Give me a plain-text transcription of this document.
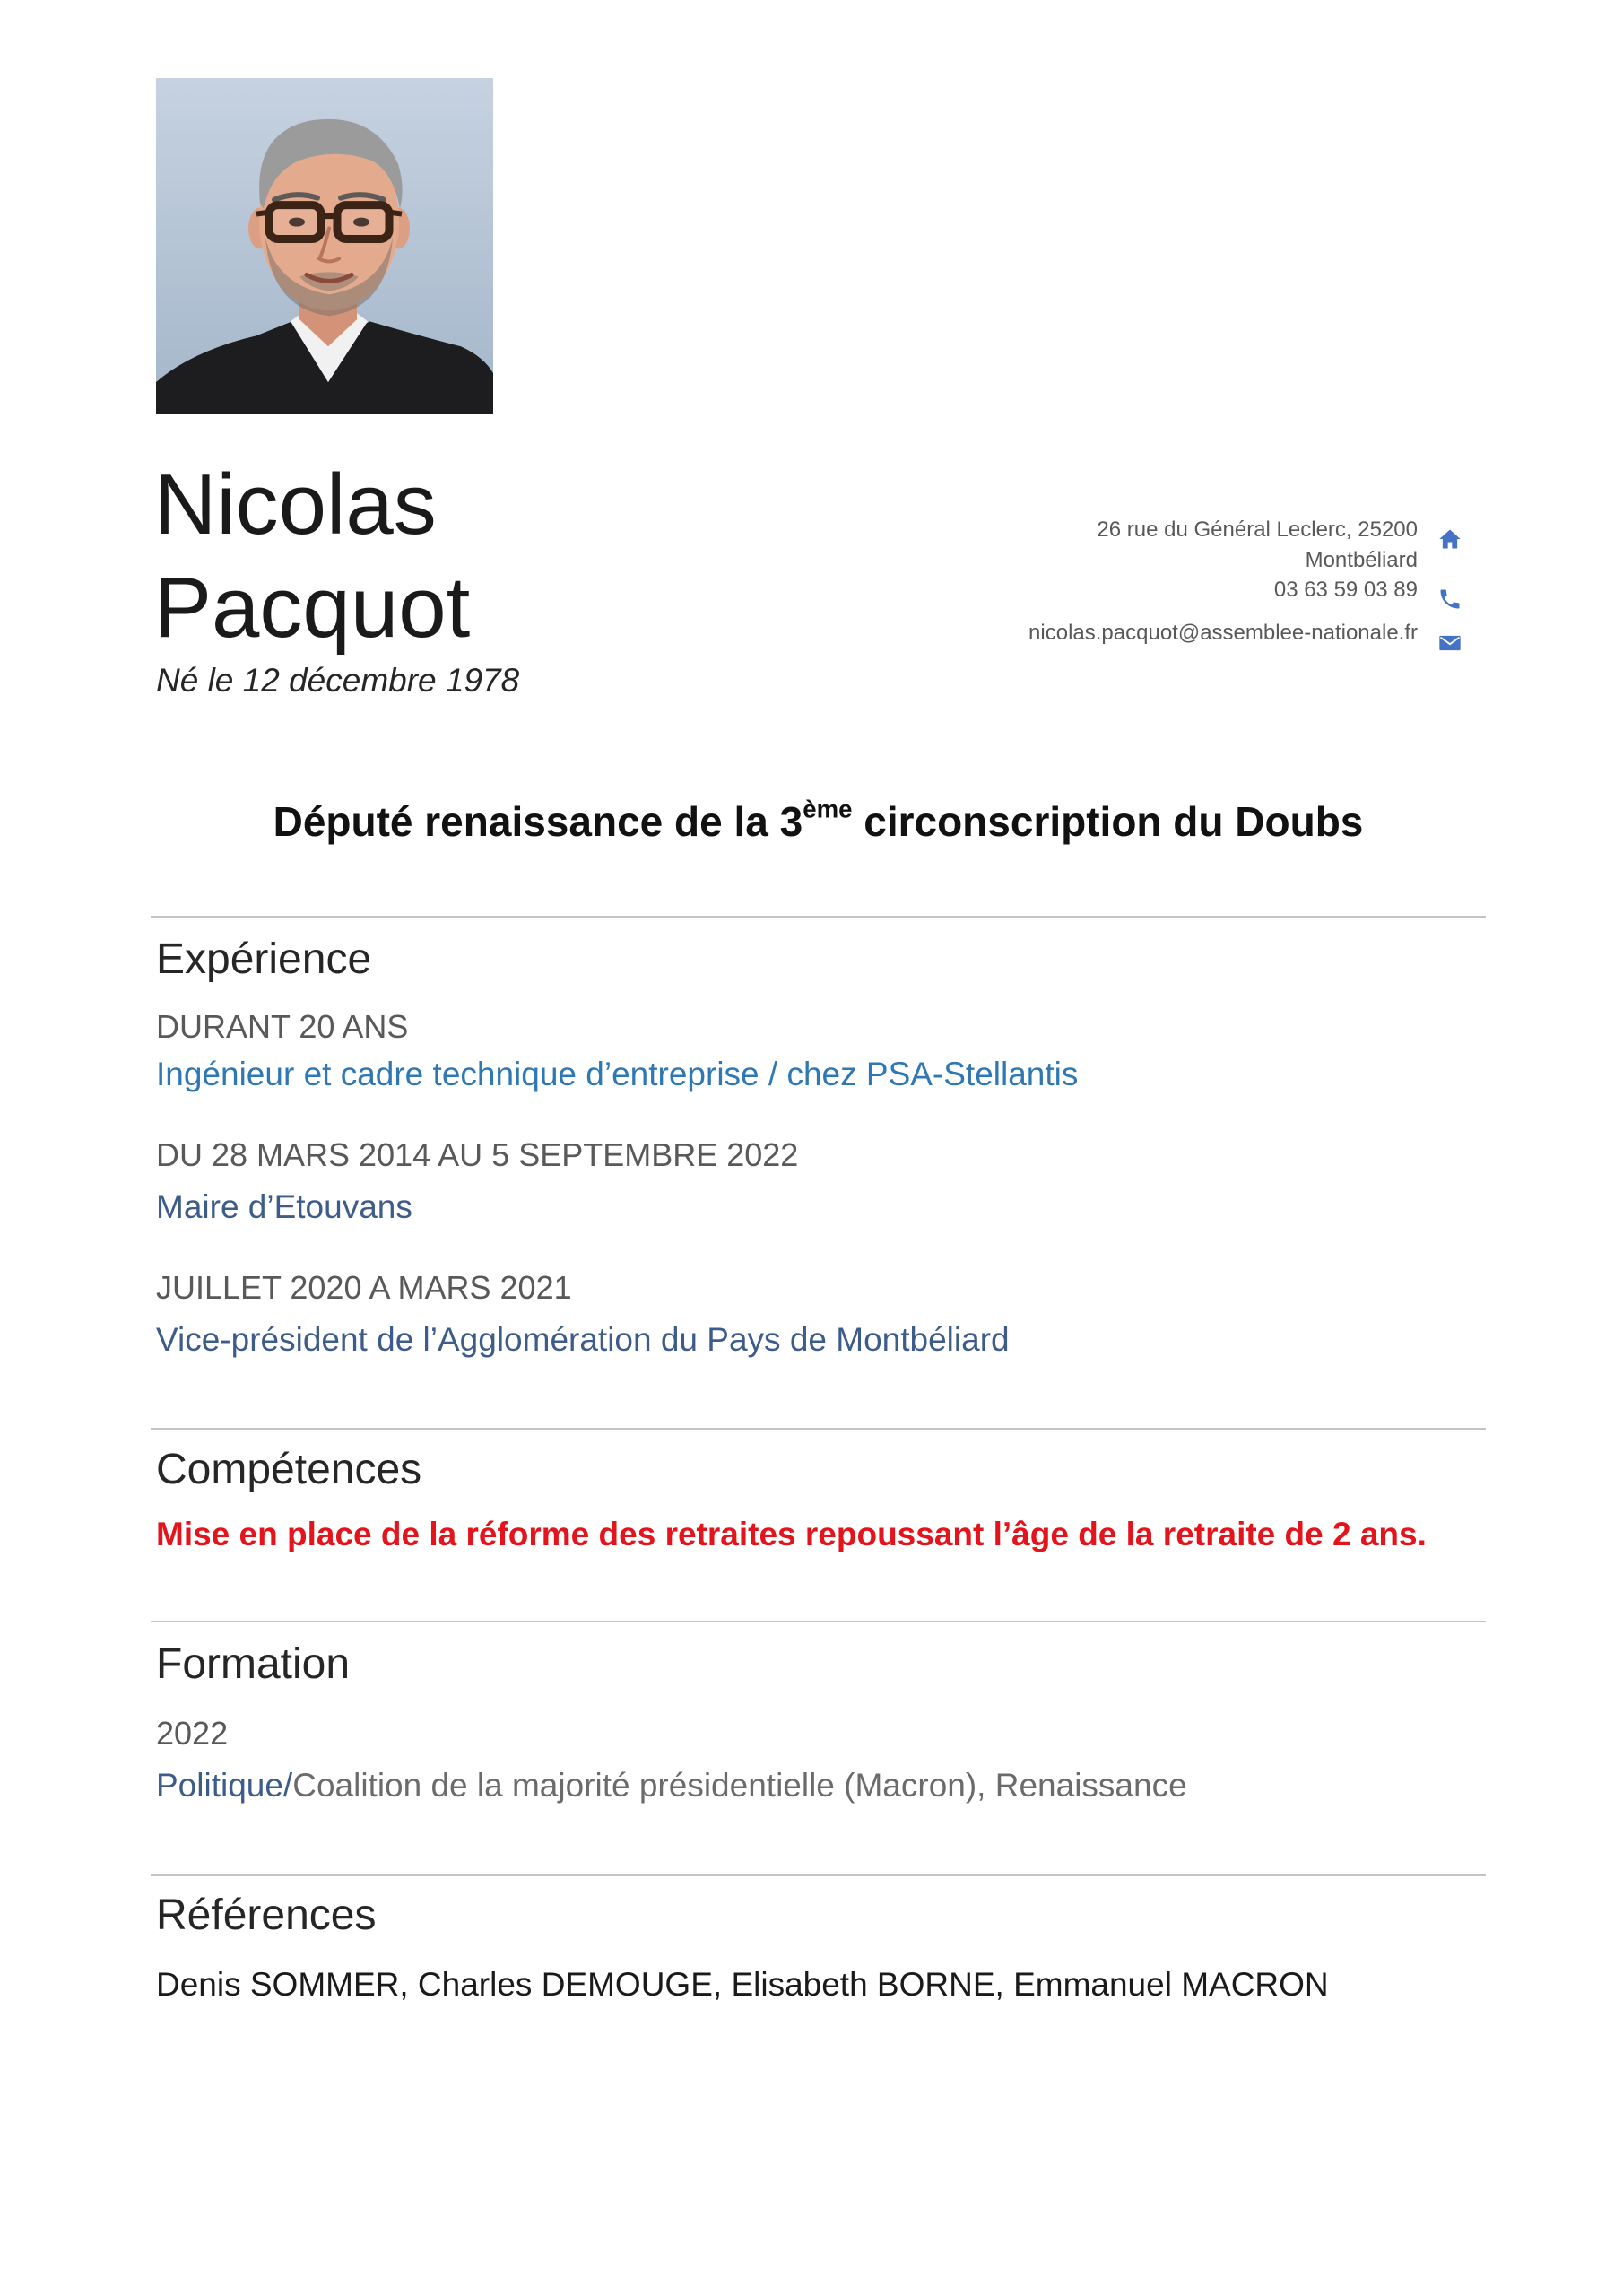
Nicolas
Pacquot
Né le 12 décembre 1978
26 rue du Général Leclerc, 25200
Montbéliard
03 63 59 03 89
nicolas.pacquot@assemblee-nationale.fr
Député renaissance de la 3ème circonscription du Doubs
Expérience
DURANT 20 ANS
Ingénieur et cadre technique d’entreprise / chez PSA-Stellantis
DU 28 MARS 2014 AU 5 SEPTEMBRE 2022
Maire d’Etouvans
JUILLET 2020 A MARS 2021
Vice-président de l’Agglomération du Pays de Montbéliard
Compétences
Mise en place de la réforme des retraites repoussant l’âge de la retraite de 2 ans.
Formation
2022
Politique/Coalition de la majorité présidentielle (Macron), Renaissance
Références
Denis SOMMER, Charles DEMOUGE, Elisabeth BORNE, Emmanuel MACRON
